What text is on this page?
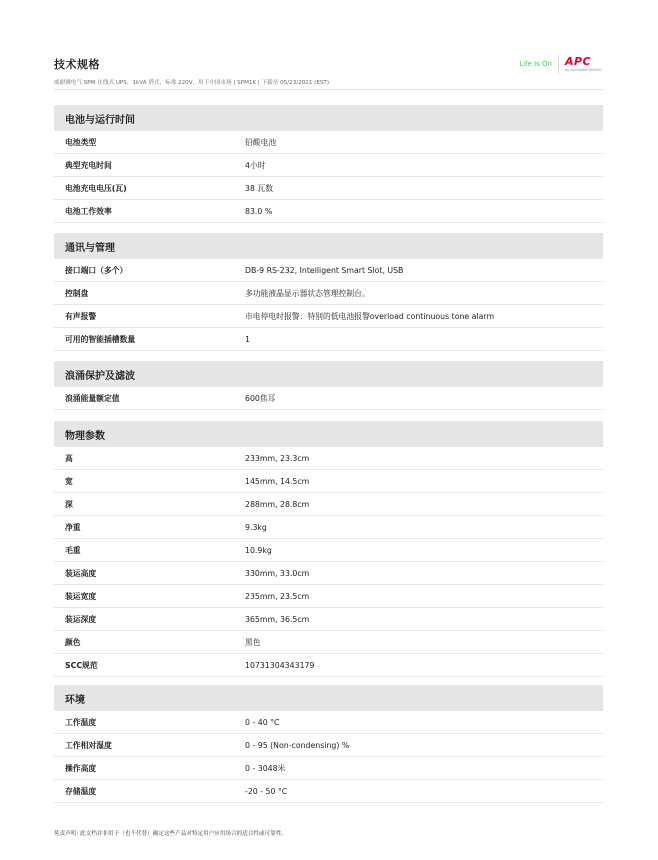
技术规格
威耐佛电气 SPM 在线式 UPS，1kVA 塔式，标准 220V，用于中国市场 | SPM1K | 下载至 05/23/2021 (EST)
Life Is On APC
by Schneider Electric
电池与运行时间
电池类型	铅酸电池
典型充电时间	4小时
电池充电电压(瓦)	38 瓦数
电池工作效率	83.0 %
通讯与管理
接口端口（多个）	DB-9 RS-232, Intelligent Smart Slot, USB
控制盘	多功能液晶显示器状态管理控制台。
有声报警	市电停电时报警：特别的低电池报警overload continuous tone alarm
可用的智能插槽数量	1
浪涌保护及滤波
浪涌能量额定值	600焦耳
物理参数
高	233mm, 23.3cm
宽	145mm, 14.5cm
深	288mm, 28.8cm
净重	9.3kg
毛重	10.9kg
装运高度	330mm, 33.0cm
装运宽度	235mm, 23.5cm
装运深度	365mm, 36.5cm
颜色	黑色
SCC规范	10731304343179
环境
工作温度	0 - 40 °C
工作相对湿度	0 - 95 (Non-condensing) %
操作高度	0 - 3048米
存储温度	-20 - 50 °C
免责声明: 此文档并非用于（也不代替）确定这些产品对特定用户应用场合的适合性或可靠性。
